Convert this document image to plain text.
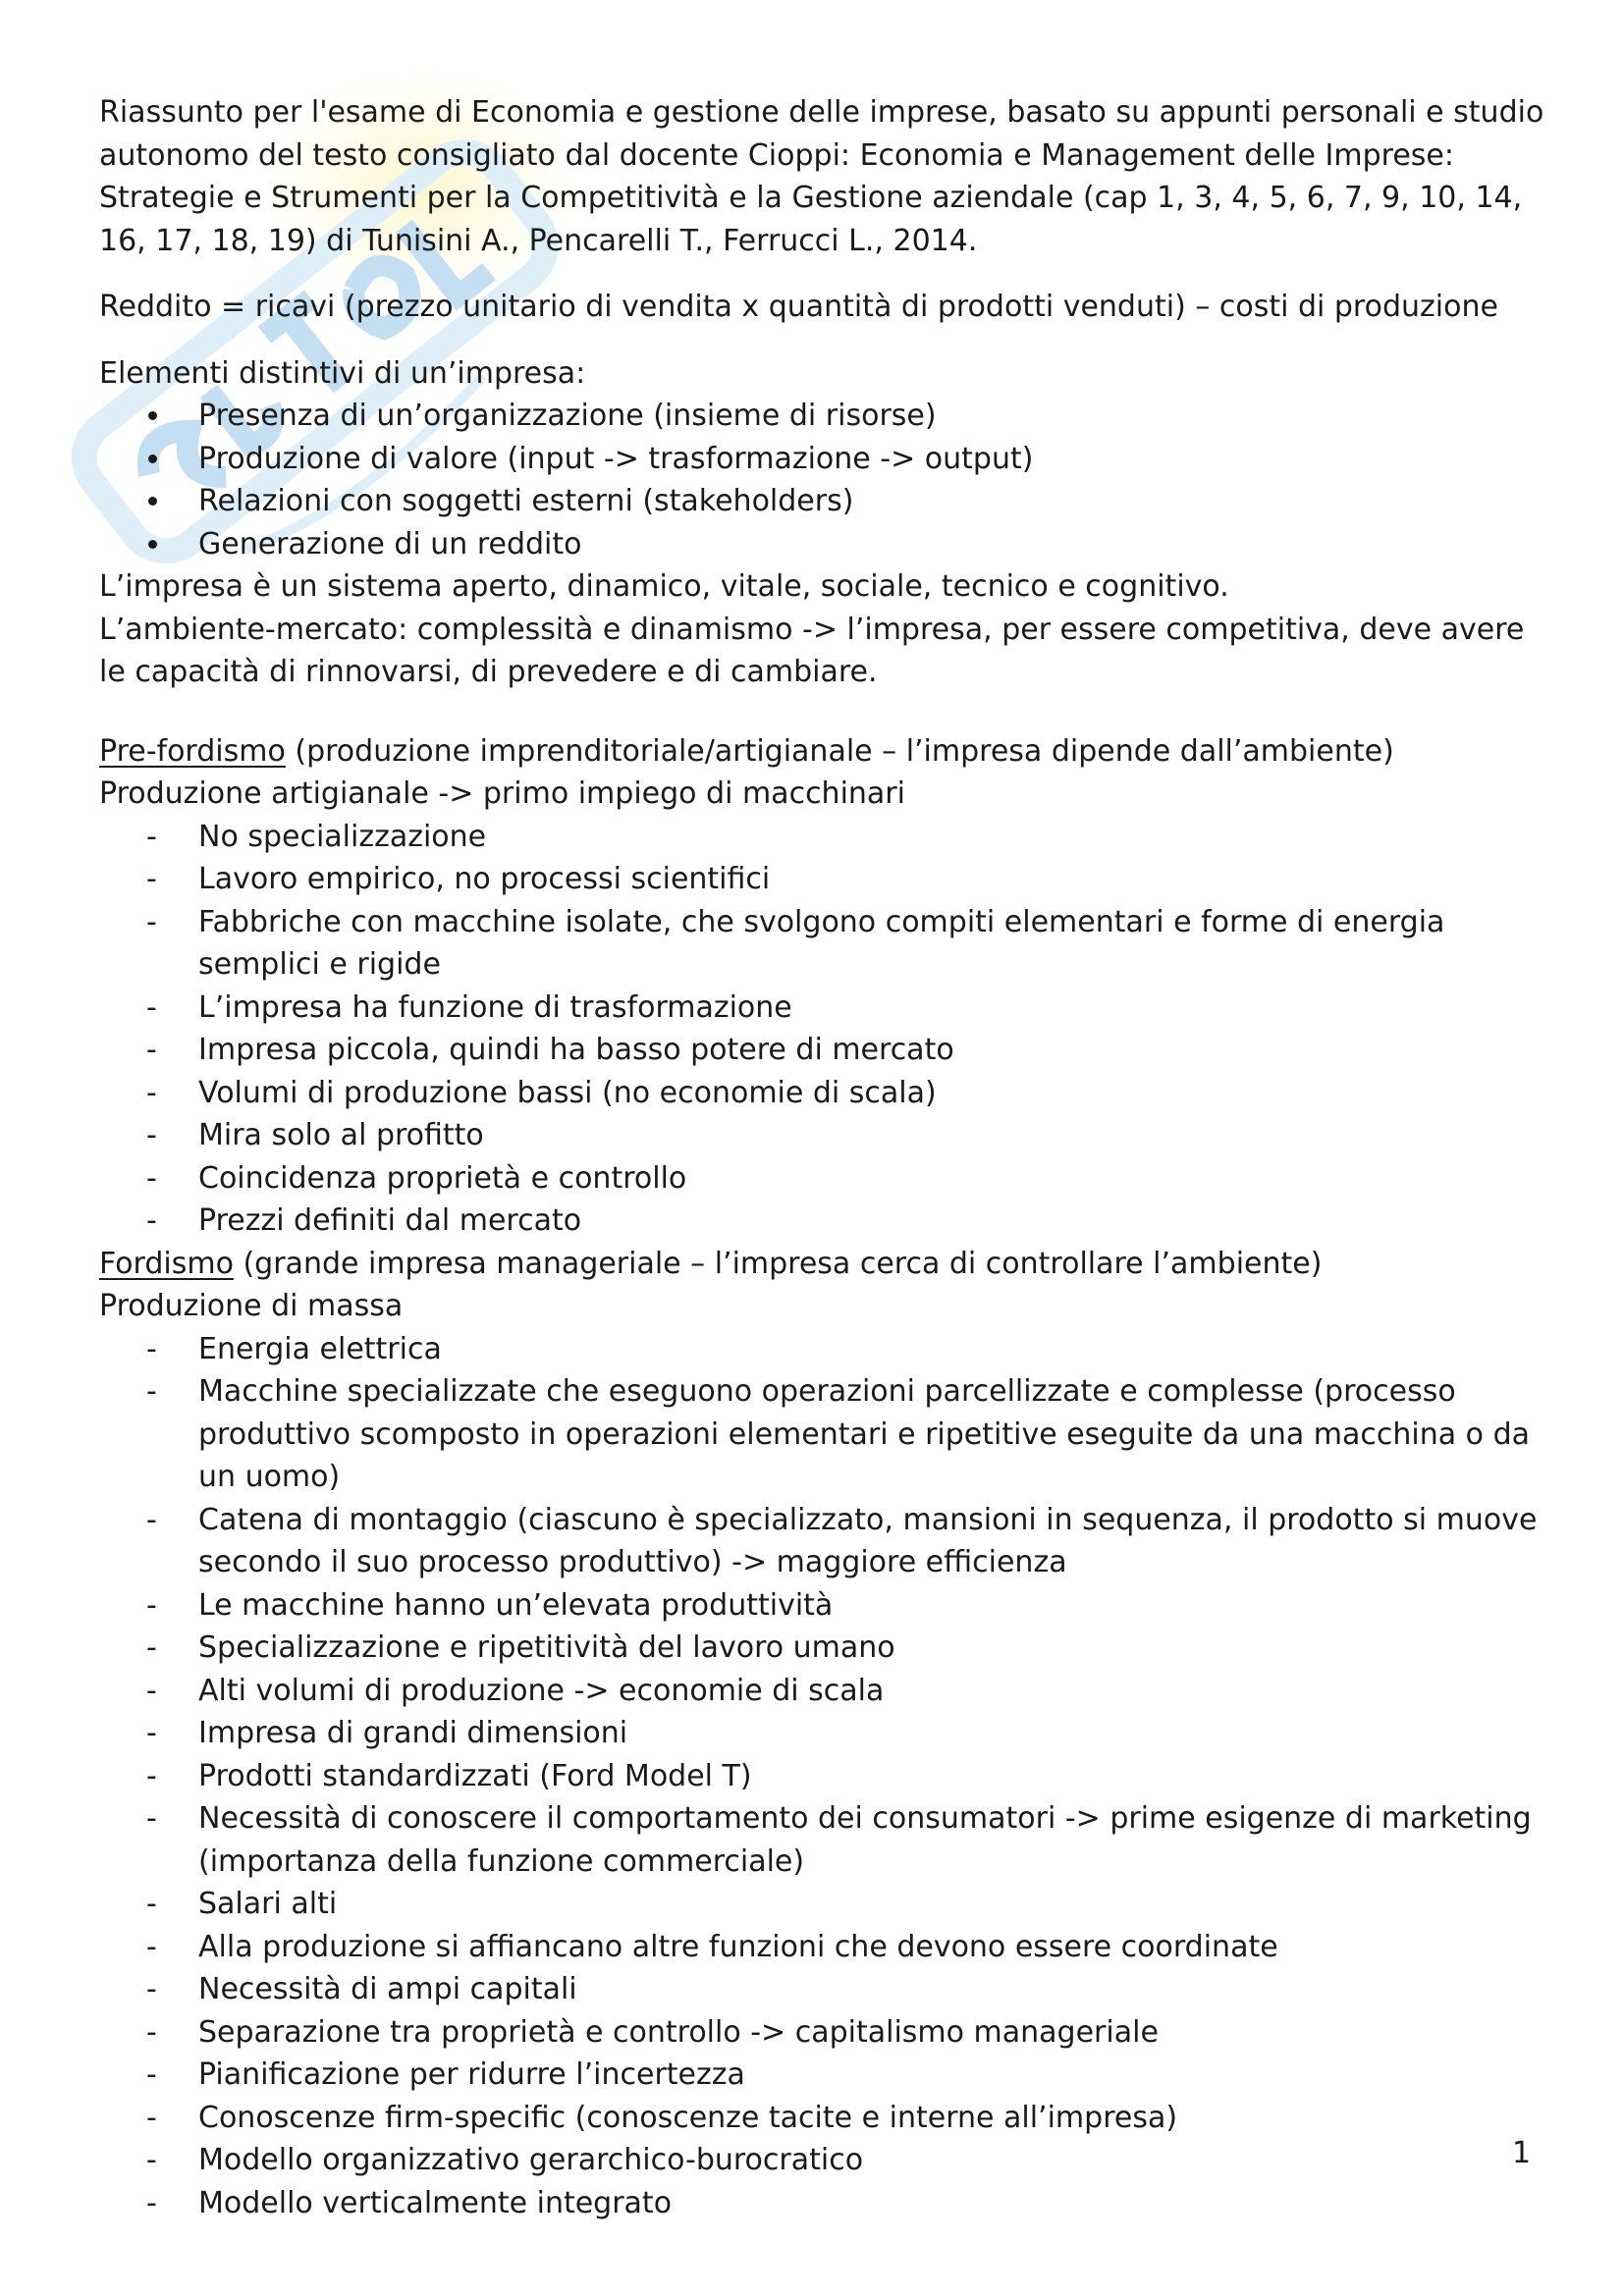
Riassunto per l'esame di Economia e gestione delle imprese, basato su appunti personali e studio autonomo del testo consigliato dal docente Cioppi: Economia e Management delle Imprese: Strategie e Strumenti per la Competitività e la Gestione aziendale (cap 1, 3, 4, 5, 6, 7, 9, 10, 14, 16, 17, 18, 19) di Tunisini A., Pencarelli T., Ferrucci L., 2014.

Reddito = ricavi (prezzo unitario di vendita x quantità di prodotti venduti) – costi di produzione

Elementi distintivi di un’impresa:

Presenza di un’organizzazione (insieme di risorse)
Produzione di valore (input -> trasformazione -> output)
Relazioni con soggetti esterni (stakeholders)
Generazione di un reddito

L’impresa è un sistema aperto, dinamico, vitale, sociale, tecnico e cognitivo.

L’ambiente-mercato: complessità e dinamismo -> l’impresa, per essere competitiva, deve avere le capacità di rinnovarsi, di prevedere e di cambiare.

Pre-fordismo (produzione imprenditoriale/artigianale – l’impresa dipende dall’ambiente)

Produzione artigianale -> primo impiego di macchinari

- No specializzazione
- Lavoro empirico, no processi scientifici
- Fabbriche con macchine isolate, che svolgono compiti elementari e forme di energia semplici e rigide
- L’impresa ha funzione di trasformazione
- Impresa piccola, quindi ha basso potere di mercato
- Volumi di produzione bassi (no economie di scala)
- Mira solo al profitto
- Coincidenza proprietà e controllo
- Prezzi definiti dal mercato

Fordismo (grande impresa manageriale – l’impresa cerca di controllare l’ambiente)

Produzione di massa

- Energia elettrica
- Macchine specializzate che eseguono operazioni parcellizzate e complesse (processo produttivo scomposto in operazioni elementari e ripetitive eseguite da una macchina o da un uomo)
- Catena di montaggio (ciascuno è specializzato, mansioni in sequenza, il prodotto si muove secondo il suo processo produttivo) -> maggiore efficienza
- Le macchine hanno un’elevata produttività
- Specializzazione e ripetitività del lavoro umano
- Alti volumi di produzione -> economie di scala
- Impresa di grandi dimensioni
- Prodotti standardizzati (Ford Model T)
- Necessità di conoscere il comportamento dei consumatori -> prime esigenze di marketing (importanza della funzione commerciale)
- Salari alti
- Alla produzione si affiancano altre funzioni che devono essere coordinate
- Necessità di ampi capitali
- Separazione tra proprietà e controllo -> capitalismo manageriale
- Pianificazione per ridurre l’incertezza
- Conoscenze firm-specific (conoscenze tacite e interne all’impresa)
- Modello organizzativo gerarchico-burocratico
- Modello verticalmente integrato
1
